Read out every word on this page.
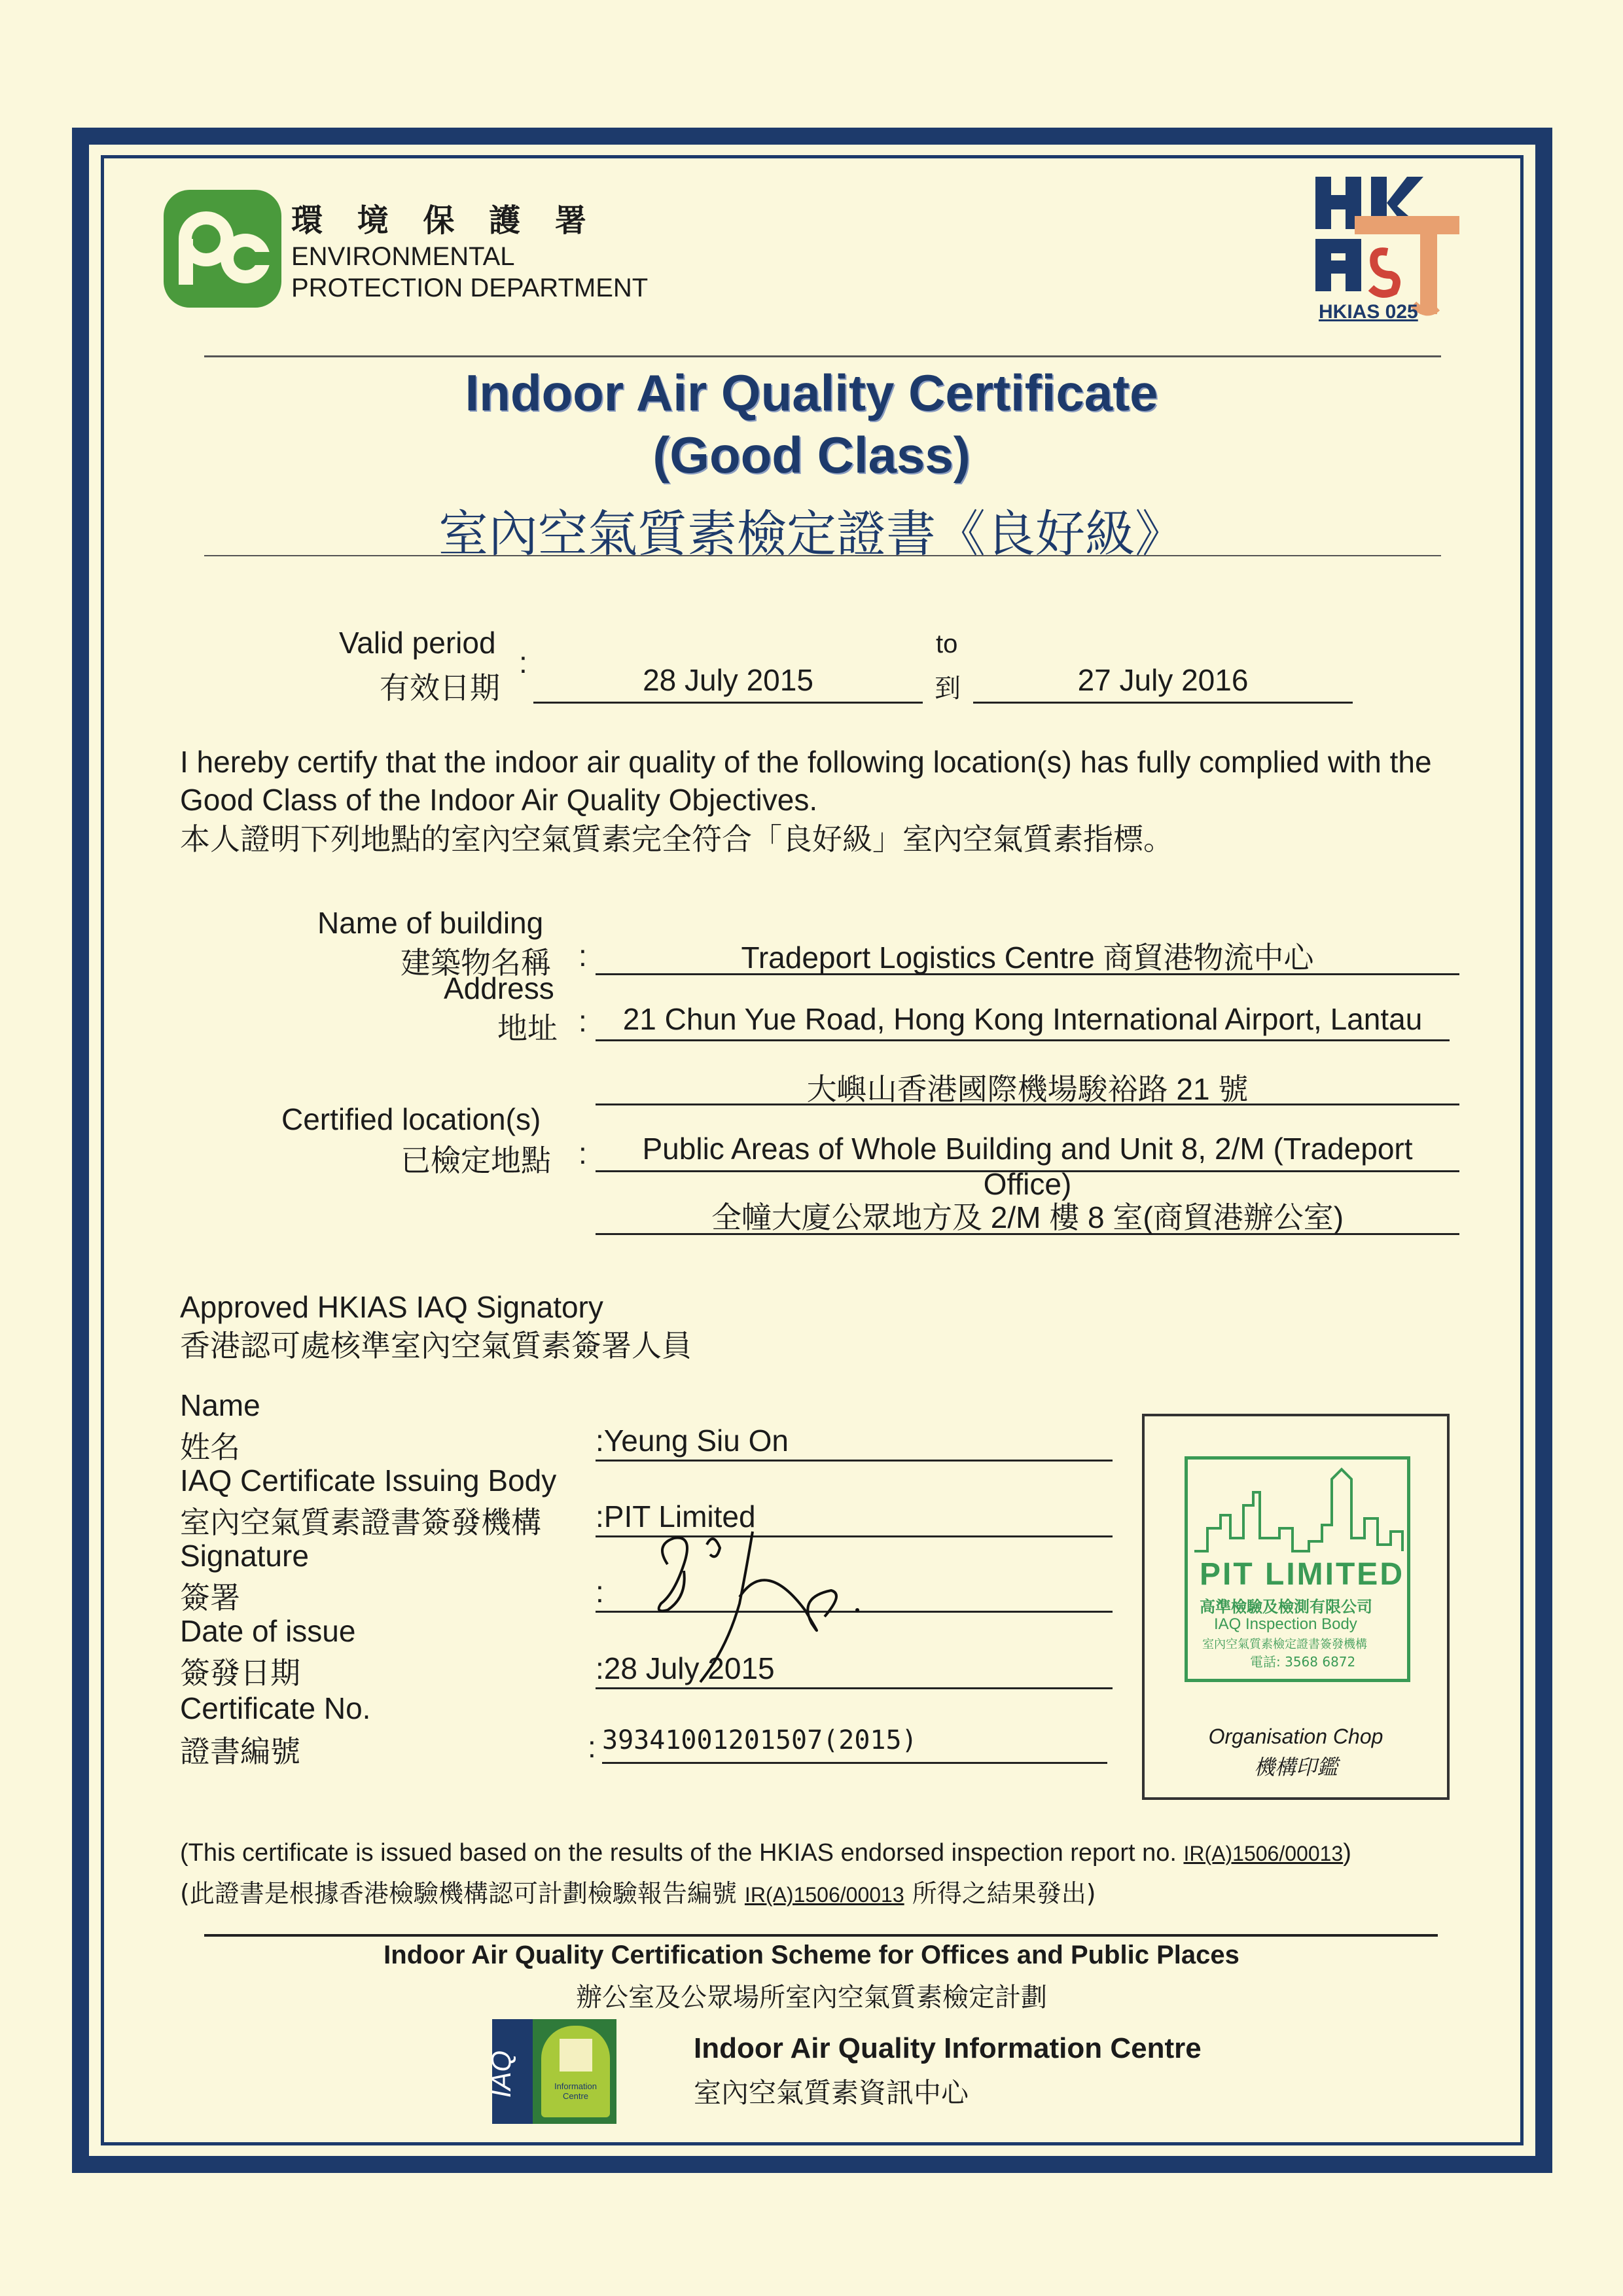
環 境 保 護 署
ENVIRONMENTAL
PROTECTION DEPARTMENT
HKIAS 025
Indoor Air Quality Certificate
(Good Class)
室內空氣質素檢定證書《良好級》
Valid period
有效日期
:
28 July 2015
to
到	27 July 2016
I hereby certify that the indoor air quality of the following location(s) has fully complied with the Good Class of the Indoor Air Quality Objectives.
本人證明下列地點的室內空氣質素完全符合「良好級」室內空氣質素指標。
Name of building
建築物名稱 :	Tradeport Logistics Centre 商貿港物流中心
Address
地址 :	21 Chun Yue Road, Hong Kong International Airport, Lantau
大嶼山香港國際機場駿裕路 21 號
Certified location(s)
已檢定地點 :	Public Areas of Whole Building and Unit 8, 2/M (Tradeport Office)
全幢大廈公眾地方及 2/M 樓 8 室(商貿港辦公室)
Approved HKIAS IAQ Signatory
香港認可處核準室內空氣質素簽署人員
Name
姓名	:Yeung Siu On
IAQ Certificate Issuing Body
室內空氣質素證書簽發機構 :PIT Limited
Signature
簽署	:
Date of issue
簽發日期	:28 July 2015
Certificate No.
證書編號	: 39341001201507(2015)
PIT LIMITED
高準檢驗及檢測有限公司
IAQ Inspection Body
室內空氣質素檢定證書簽發機構
電話: 3568 6872
Organisation Chop
機構印鑑
(This certificate is issued based on the results of the HKIAS endorsed inspection report no. IR(A)1506/00013)
(此證書是根據香港檢驗機構認可計劃檢驗報告編號 IR(A)1506/00013 所得之結果發出)
Indoor Air Quality Certification Scheme for Offices and Public Places
辦公室及公眾場所室內空氣質素檢定計劃
IAQ	Information Centre
Indoor Air Quality Information Centre
室內空氣質素資訊中心
